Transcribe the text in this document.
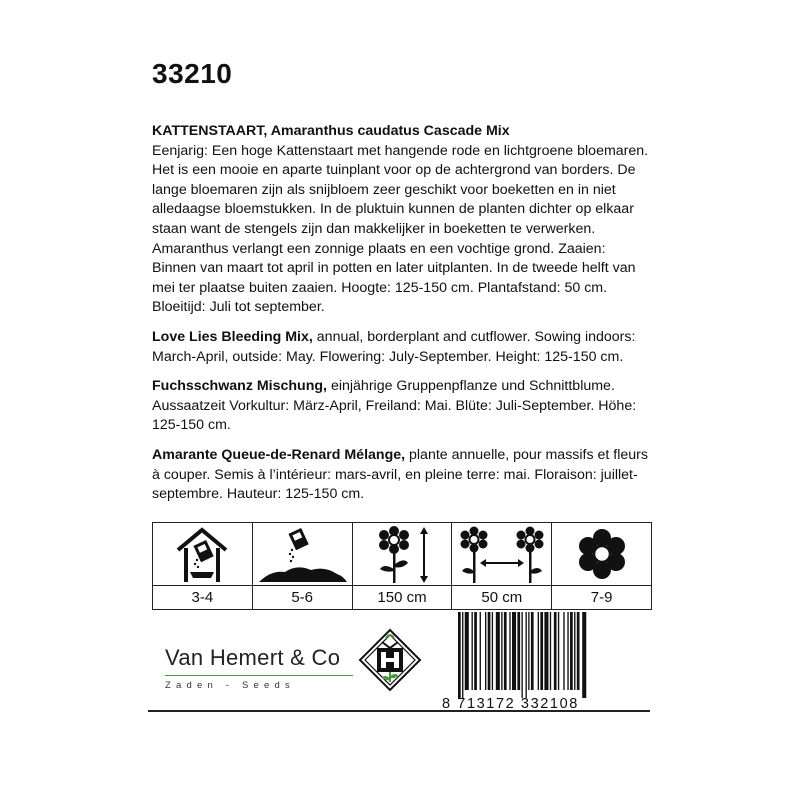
33210

KATTENSTAART, Amaranthus caudatus Cascade Mix
Eenjarig: Een hoge Kattenstaart met hangende rode en lichtgroene bloemaren. Het is een mooie en aparte tuinplant voor op de achtergrond van borders. De lange bloemaren zijn als snijbloem zeer geschikt voor boeketten en in niet alledaagse bloemstukken. In de pluktuin kunnen de planten dichter op elkaar staan want de stengels zijn dan makkelijker in boeketten te verwerken. Amaranthus verlangt een zonnige plaats en een vochtige grond. Zaaien: Binnen van maart tot april in potten en later uitplanten. In de tweede helft van mei ter plaatse buiten zaaien. Hoogte: 125-150 cm. Plantafstand: 50 cm. Bloeitijd: Juli tot september.

Love Lies Bleeding Mix, annual, borderplant and cutflower. Sowing indoors: March-April, outside: May. Flowering: July-September. Height: 125-150 cm.

Fuchsschwanz Mischung, einjährige Gruppenpflanze und Schnittblume. Aussaatzeit Vorkultur: März-April, Freiland: Mai. Blüte: Juli-September. Höhe: 125-150 cm.

Amarante Queue-de-Renard Mélange, plante annuelle, pour massifs et fleurs à couper. Semis à l’intérieur: mars-avril, en pleine terre: mai. Floraison: juillet-septembre. Hauteur: 125-150 cm.

3-4	5-6	150 cm	50 cm	7-9
Van Hemert & Co
Zaden - Seeds
8 713172 332108
